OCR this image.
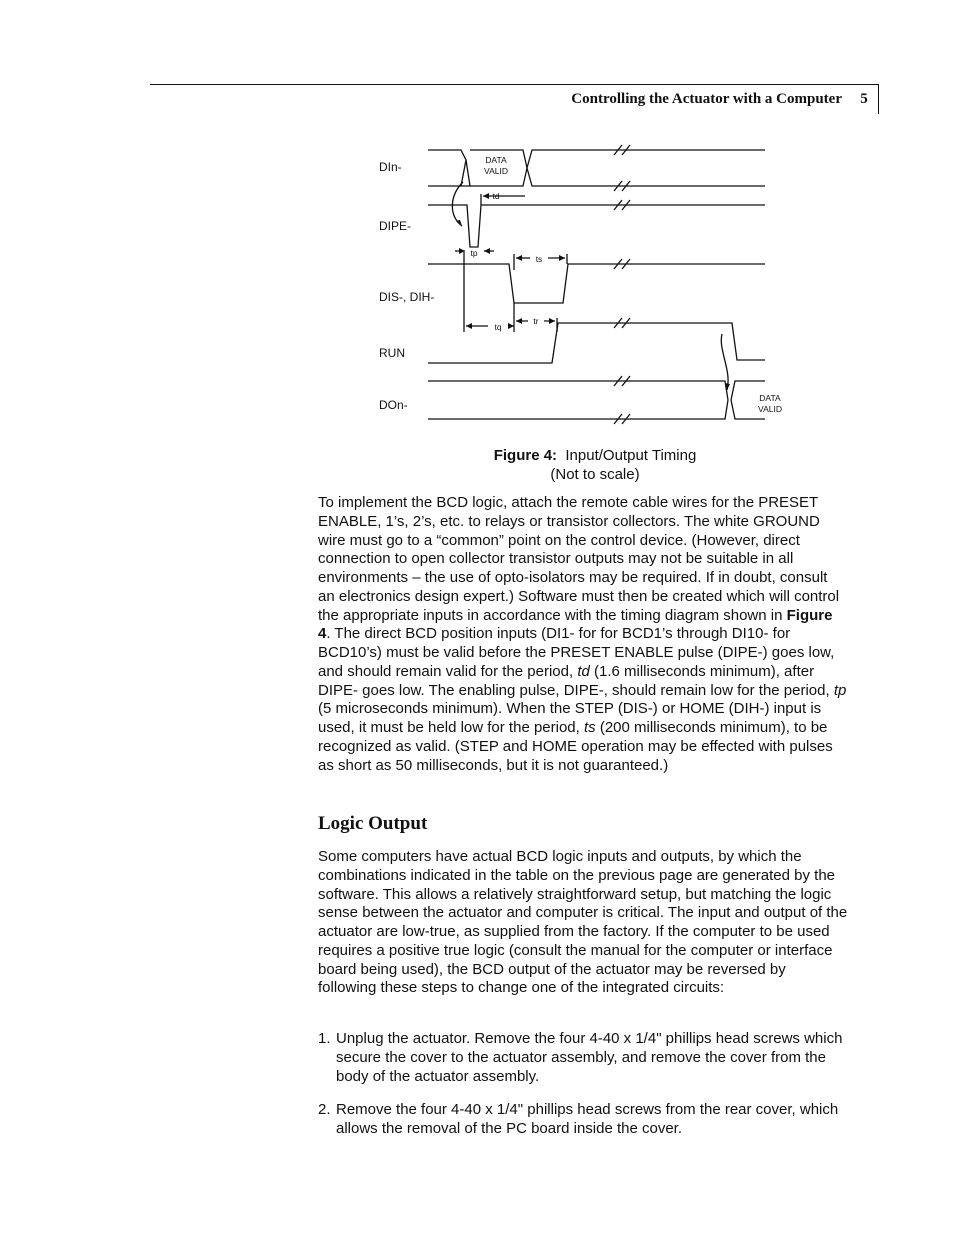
Controlling the Actuator with a Computer 5
DIn-
DIPE-
DIS-, DIH-
RUN
DOn-
DATA
VALID
DATA
VALID
td
tp
ts
tq
tr
Figure 4: Input/Output Timing
(Not to scale)

To implement the BCD logic, attach the remote cable wires for the PRESET ENABLE, 1’s, 2’s, etc. to relays or transistor collectors. The white GROUND wire must go to a “common” point on the control device. (However, direct connection to open collector transistor outputs may not be suitable in all environments – the use of opto-isolators may be required. If in doubt, consult an electronics design expert.) Software must then be created which will control the appropriate inputs in accordance with the timing diagram shown in Figure 4. The direct BCD position inputs (DI1- for for BCD1’s through DI10- for BCD10’s) must be valid before the PRESET ENABLE pulse (DIPE-) goes low, and should remain valid for the period, td (1.6 milliseconds minimum), after DIPE- goes low. The enabling pulse, DIPE-, should remain low for the period, tp (5 microseconds minimum). When the STEP (DIS-) or HOME (DIH-) input is used, it must be held low for the period, ts (200 milliseconds minimum), to be recognized as valid. (STEP and HOME operation may be effected with pulses as short as 50 milliseconds, but it is not guaranteed.)

Logic Output

Some computers have actual BCD logic inputs and outputs, by which the combinations indicated in the table on the previous page are generated by the software. This allows a relatively straightforward setup, but matching the logic sense between the actuator and computer is critical. The input and output of the actuator are low-true, as supplied from the factory. If the computer to be used requires a positive true logic (consult the manual for the computer or interface board being used), the BCD output of the actuator may be reversed by following these steps to change one of the integrated circuits:

1. Unplug the actuator. Remove the four 4-40 x 1/4" phillips head screws which secure the cover to the actuator assembly, and remove the cover from the body of the actuator assembly.
2. Remove the four 4-40 x 1/4" phillips head screws from the rear cover, which allows the removal of the PC board inside the cover.
